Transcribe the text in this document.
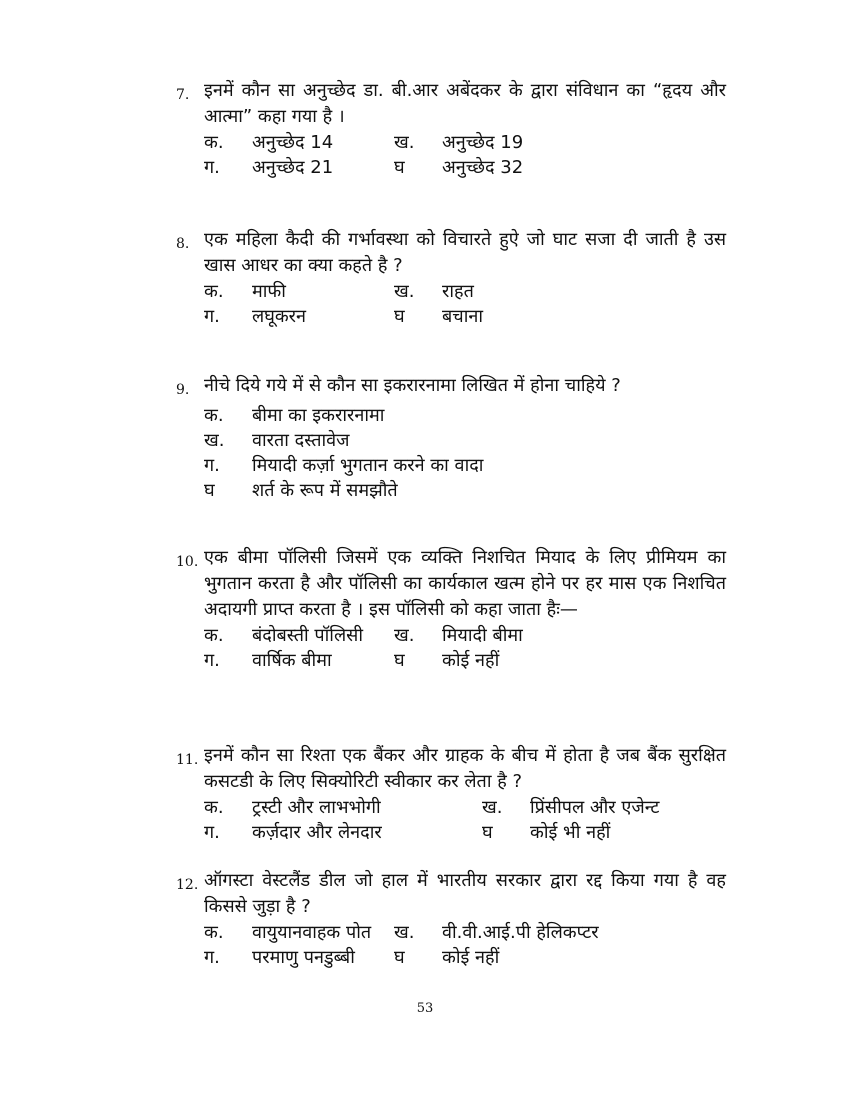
7. इनमें कौन सा अनुच्छेद डा. बी.आर अबेंदकर के द्वारा संविधान का “हृदय और आत्मा” कहा गया है ।
क.	अनुच्छेद 14	ख.	अनुच्छेद 19
ग.	अनुच्छेद 21	घ	अनुच्छेद 32
8. एक महिला कैदी की गर्भावस्था को विचारते हुऐ जो घाट सजा दी जाती है उस खास आधर का क्या कहते है ?
क.	माफी	ख.	राहत
ग.	लघूकरन	घ	बचाना
9. नीचे दिये गये में से कौन सा इकरारनामा लिखित में होना चाहिये ?
क.	बीमा का इकरारनामा
ख.	वारता दस्तावेज
ग.	मियादी कर्ज़ा भुगतान करने का वादा
घ	शर्त के रूप में समझौते
10. एक बीमा पॉलिसी जिसमें एक व्यक्ति निशचित मियाद के लिए प्रीमियम का भुगतान करता है और पॉलिसी का कार्यकाल खत्म होने पर हर मास एक निशचित अदायगी प्राप्त करता है । इस पॉलिसी को कहा जाता हैः—
क.	बंदोबस्ती पॉलिसी ख.	मियादी बीमा
ग.	वार्षिक बीमा	घ	कोई नहीं
11. इनमें कौन सा रिश्ता एक बैंकर और ग्राहक के बीच में होता है जब बैंक सुरक्षित कसटडी के लिए सिक्योरिटी स्वीकार कर लेता है ?
क.	ट्रस्टी और लाभभोगी	ख.	प्रिंसीपल और एजेन्ट
ग.	कर्ज़दार और लेनदार	घ	कोई भी नहीं
12. ऑगस्टा वेस्टलैंड डील जो हाल में भारतीय सरकार द्वारा रद्द किया गया है वह किससे जुड़ा है ?
क.	वायुयानवाहक पोत ख.	वी.वी.आई.पी हेलिकप्टर
ग.	परमाणु पनडुब्बी घ	कोई नहीं
53
